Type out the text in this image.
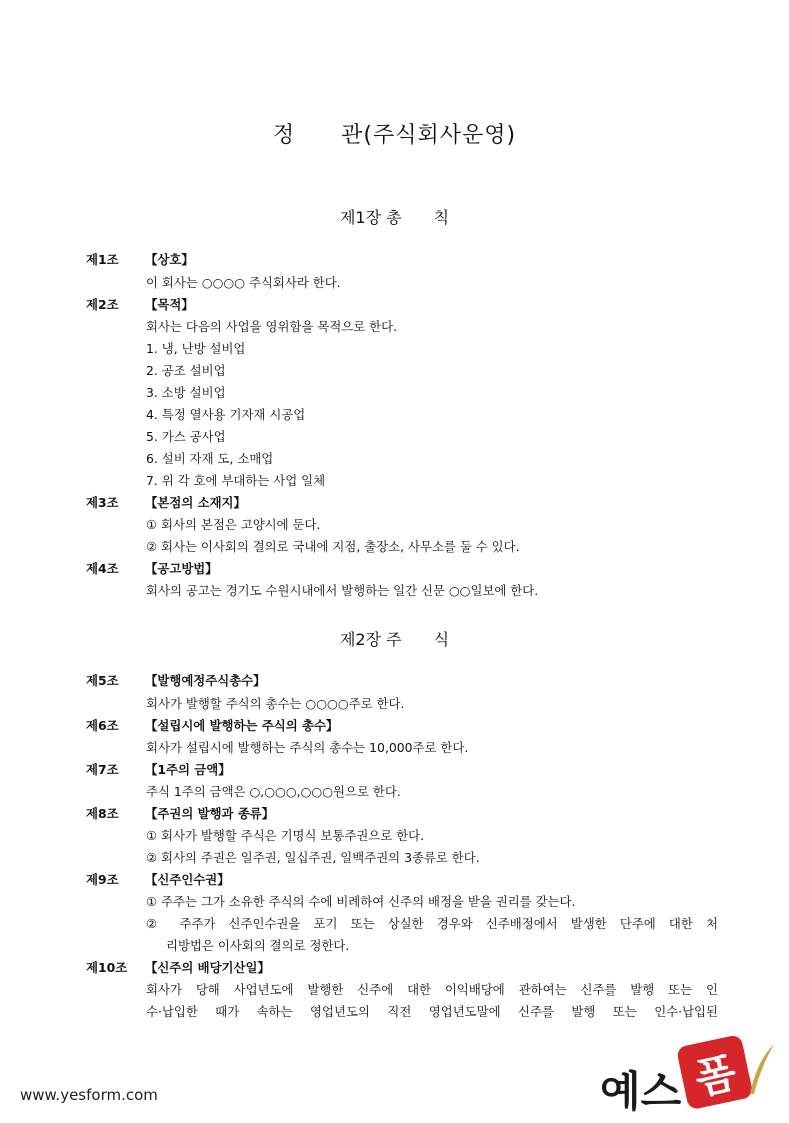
정　　관(주식회사운영)
제1장 총　　칙
제1조 【상호】
이 회사는 ○○○○ 주식회사라 한다.
제2조 【목적】
회사는 다음의 사업을 영위함을 목적으로 한다.
1. 냉, 난방 설비업
2. 공조 설비업
3. 소방 설비업
4. 특정 열사용 기자재 시공업
5. 가스 공사업
6. 설비 자재 도, 소매업
7. 위 각 호에 부대하는 사업 일체
제3조 【본점의 소재지】
① 회사의 본점은 고양시에 둔다.
② 회사는 이사회의 결의로 국내에 지점, 출장소, 사무소를 둘 수 있다.
제4조 【공고방법】
회사의 공고는 경기도 수원시내에서 발행하는 일간 신문 ○○일보에 한다.
제2장 주　　식
제5조 【발행예정주식총수】
회사가 발행할 주식의 총수는 ○○○○주로 한다.
제6조 【설립시에 발행하는 주식의 총수】
회사가 설립시에 발행하는 주식의 총수는 10,000주로 한다.
제7조 【1주의 금액】
주식 1주의 금액은 ○,○○○,○○○원으로 한다.
제8조 【주권의 발행과 종류】
① 회사가 발행할 주식은 기명식 보통주권으로 한다.
② 회사의 주권은 일주권, 일십주권, 일백주권의 3종류로 한다.
제9조 【신주인수권】
① 주주는 그가 소유한 주식의 수에 비례하여 신주의 배정을 받을 권리를 갖는다.
② 주주가 신주인수권을 포기 또는 상실한 경우와 신주배정에서 발생한 단주에 대한 처
리방법은 이사회의 결의로 정한다.
제10조 【신주의 배당기산일】
회사가 당해 사업년도에 발행한 신주에 대한 이익배당에 관하여는 신주를 발행 또는 인
수·납입한 때가 속하는 영업년도의 직전 영업년도말에 신주를 발행 또는 인수·납입된
www.yesform.com	폼
예스
